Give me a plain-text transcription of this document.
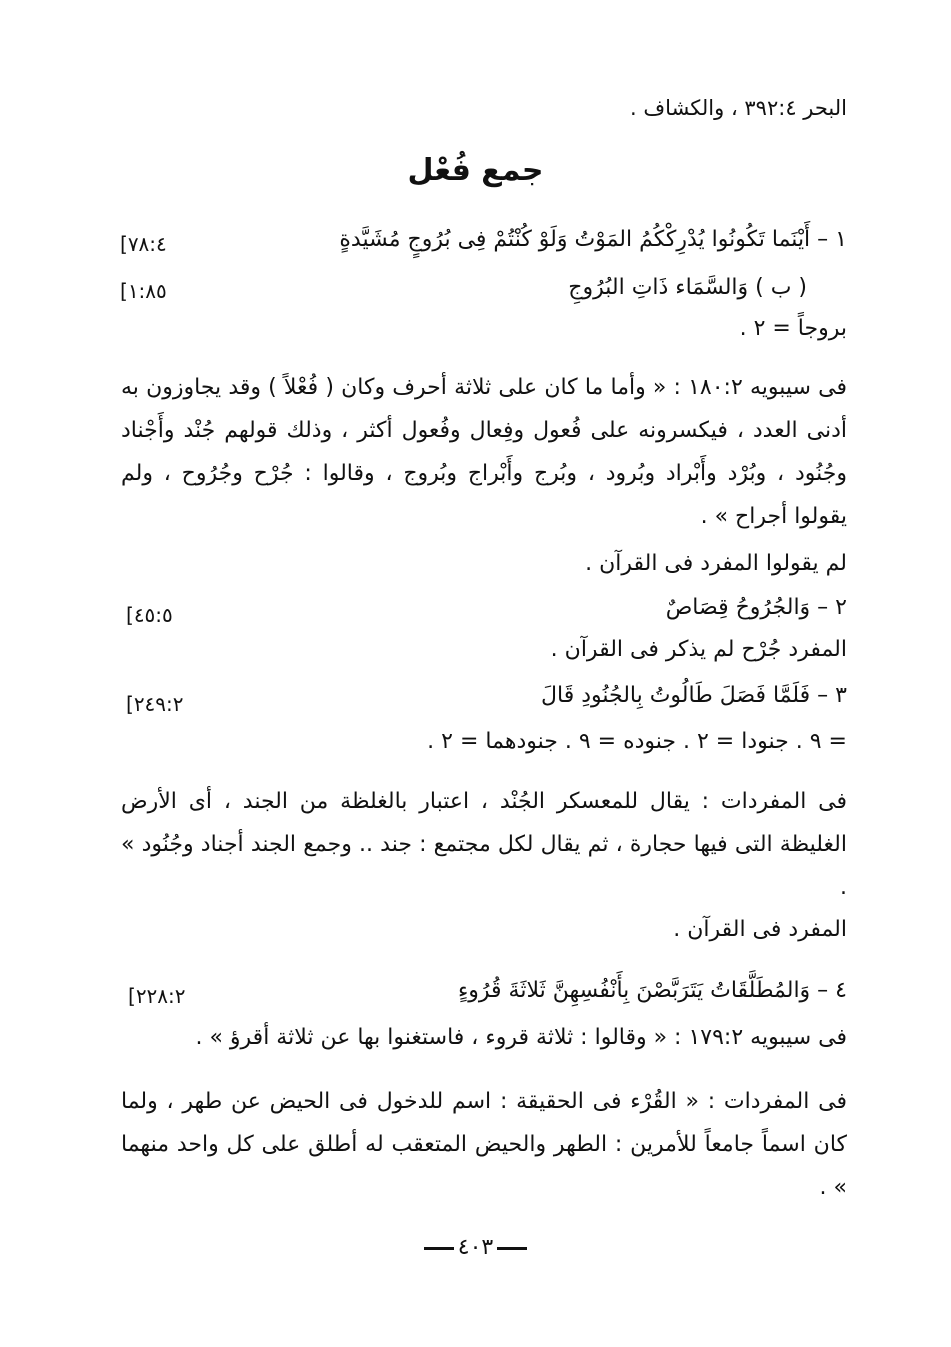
البحر ٣٩٢:٤ ، والكشاف .
جمع فُعْل
١ – أَيْنَما تَكُونُوا يُدْرِكْكُمُ المَوْتُ وَلَوْ كُنْتُمْ فِى بُرُوجٍ مُشَيَّدةٍ
[٧٨:٤
( ب ) وَالسَّمَاء ذَاتِ البُرُوجِ
[١:٨٥
بروجاً = ٢ .
فى سيبويه ١٨٠:٢ : « وأما ما كان على ثلاثة أحرف وكان ( فُعْلاً ) وقد يجاوزون به أدنى العدد ، فيكسرونه على فُعول وفِعال وفُعول أكثر ، وذلك قولهم جُنْد وأَجْناد وجُنُود ، وبُرْد وأَبْراد وبُرود ، وبُرج وأَبْراج وبُروج ، وقالوا : جُرْح وجُرُوح ، ولم يقولوا أجراح » .
لم يقولوا المفرد فى القرآن .
٢ – وَالجُرُوحُ قِصَاصٌ
[٤٥:٥
المفرد جُرْح لم يذكر فى القرآن .
٣ – فَلَمَّا فَصَلَ طَالُوتُ بِالجُنُودِ قَالَ
[٢٤٩:٢
= ٩ . جنودا = ٢ . جنوده = ٩ . جنودهما = ٢ .
فى المفردات : يقال للمعسكر الجُنْد ، اعتبار بالغلظة من الجند ، أى الأرض الغليظة التى فيها حجارة ، ثم يقال لكل مجتمع : جند .. وجمع الجند أجناد وجُنُود » .
المفرد فى القرآن .
٤ – وَالمُطَلَّقَاتُ يَتَرَبَّصْنَ بِأَنْفُسِهِنَّ ثَلاثَةَ قُرُوءٍ
[٢٢٨:٢
فى سيبويه ١٧٩:٢ : « وقالوا : ثلاثة قروء ، فاستغنوا بها عن ثلاثة أقرؤ » .
فى المفردات : « القُرْء فى الحقيقة : اسم للدخول فى الحيض عن طهر ، ولما كان اسماً جامعاً للأمرين : الطهر والحيض المتعقب له أطلق على كل واحد منهما » .
٤٠٣
